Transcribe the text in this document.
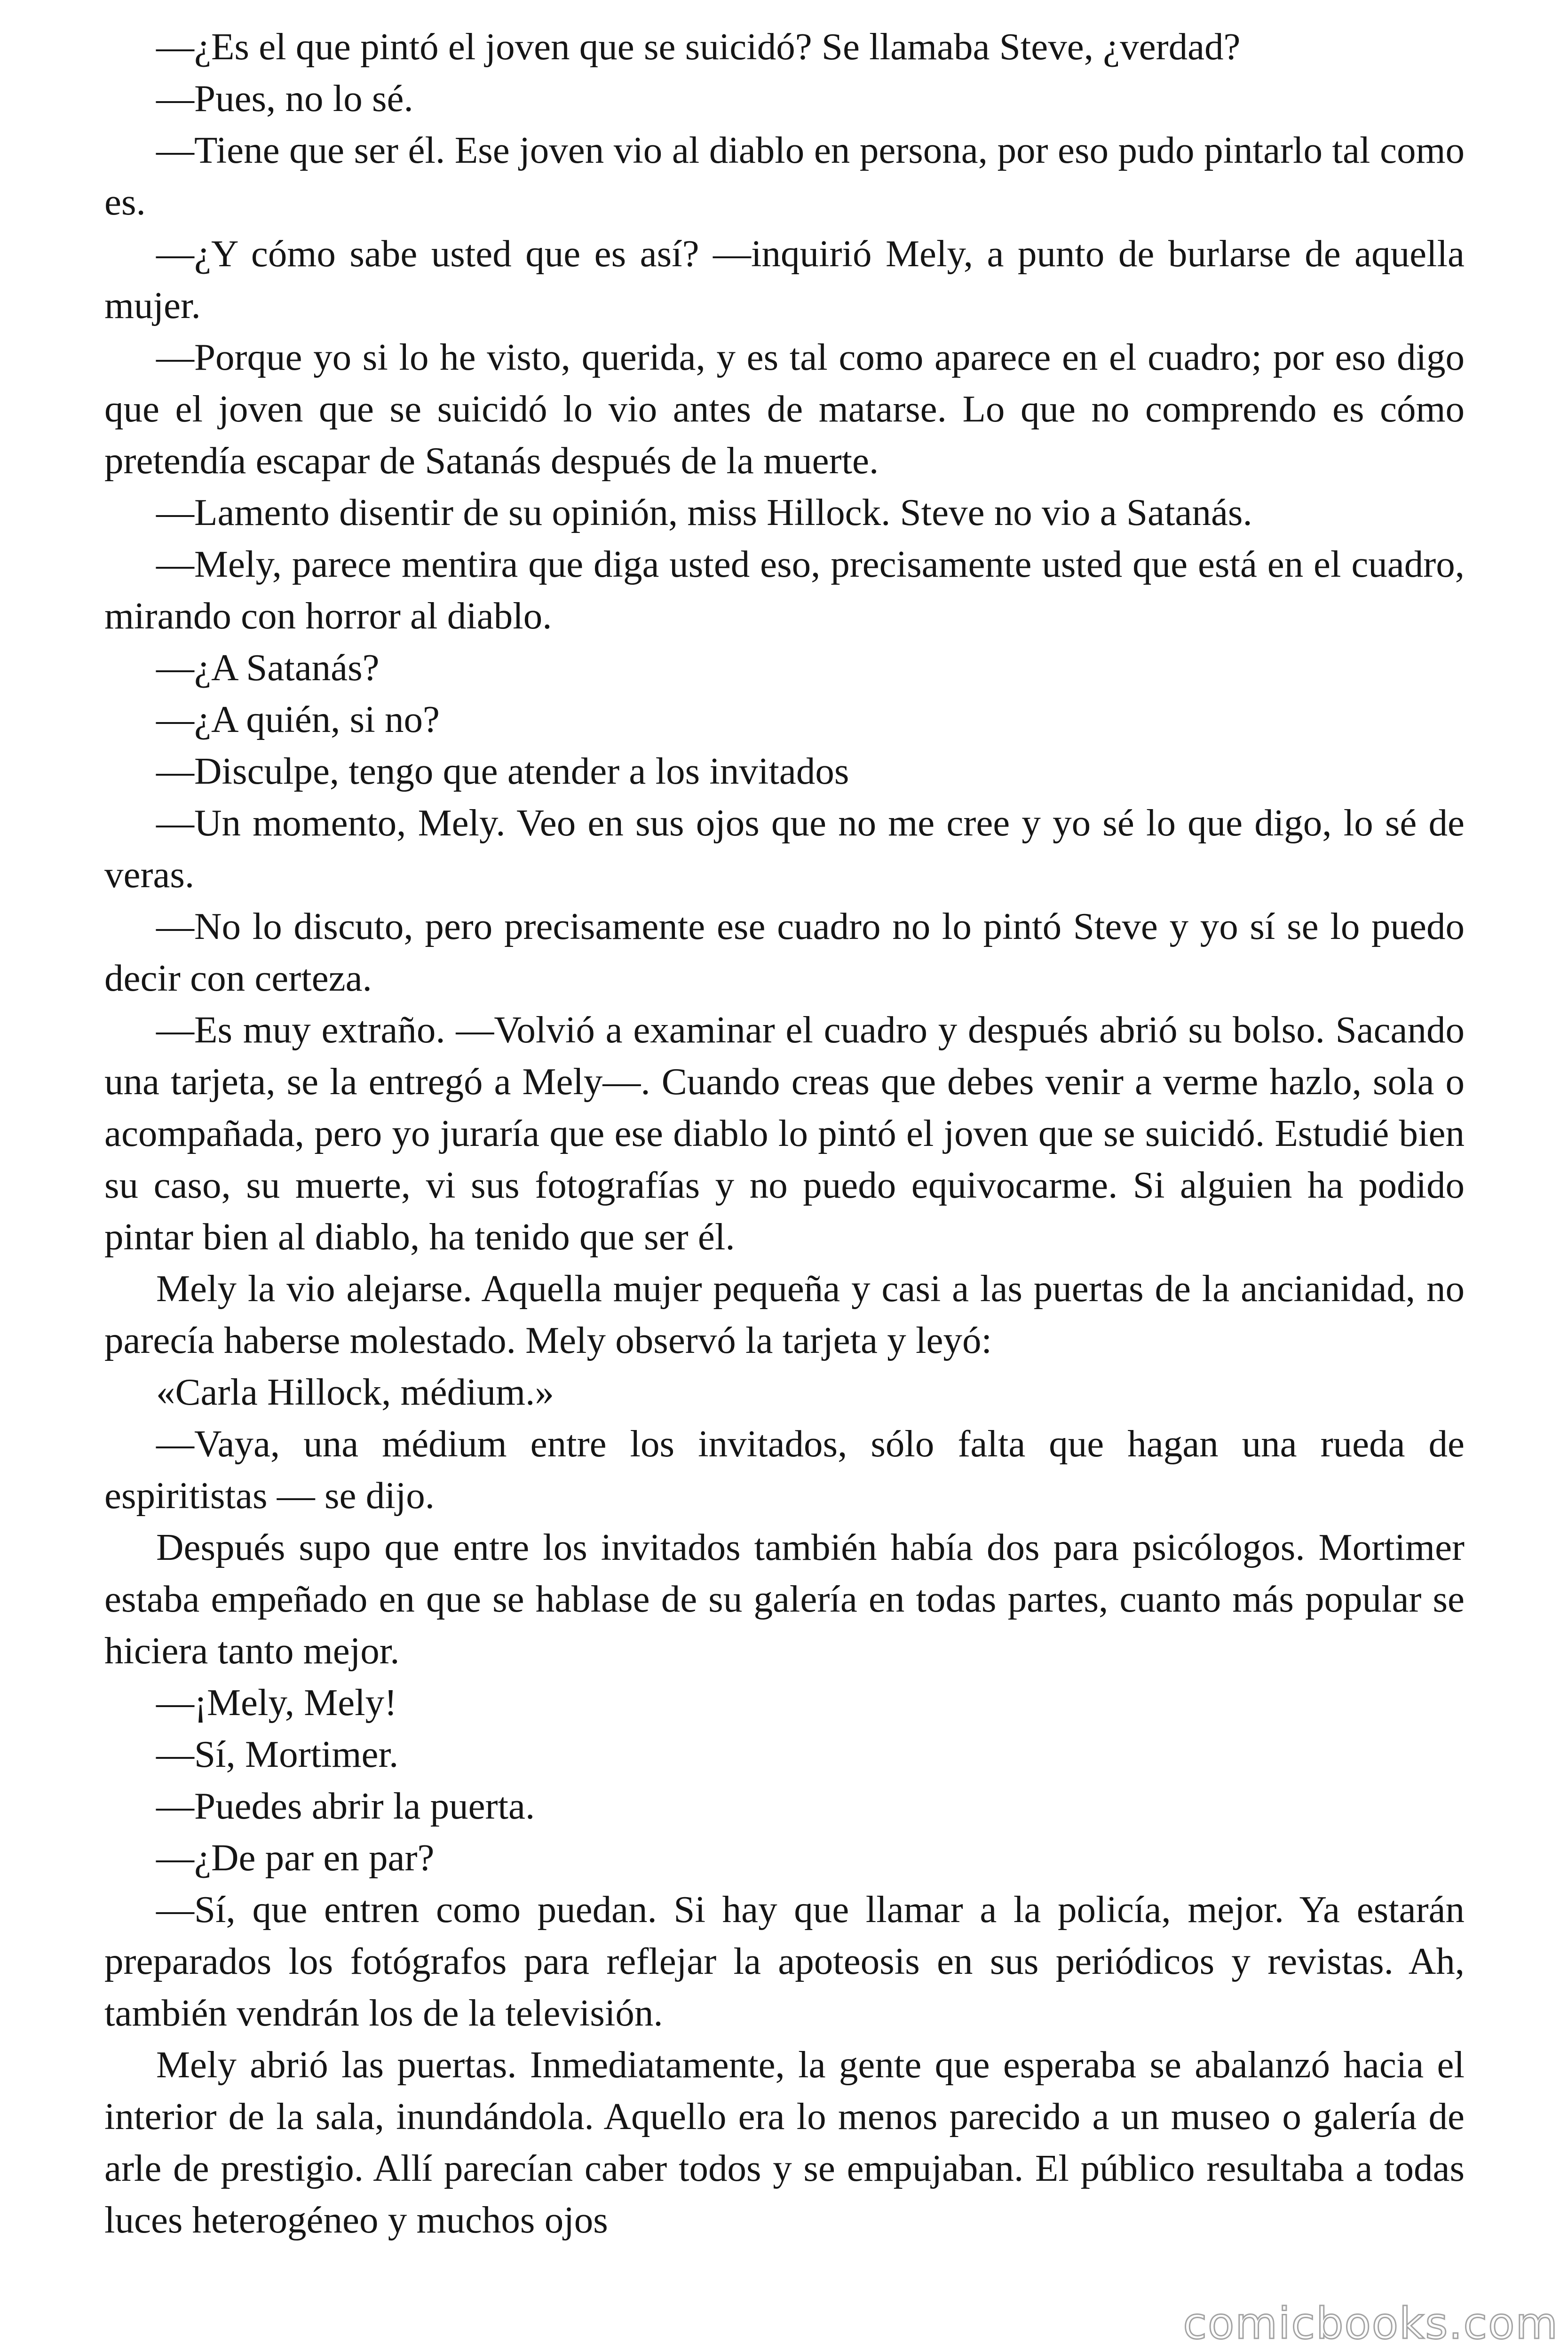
—¿Es el que pintó el joven que se suicidó? Se llamaba Steve, ¿verdad?

—Pues, no lo sé.

—Tiene que ser él. Ese joven vio al diablo en persona, por eso pudo pintarlo tal como es.

—¿Y cómo sabe usted que es así? —inquirió Mely, a punto de burlarse de aquella mujer.

—Porque yo si lo he visto, querida, y es tal como aparece en el cuadro; por eso digo que el joven que se suicidó lo vio antes de matarse. Lo que no comprendo es cómo pretendía escapar de Satanás después de la muerte.

—Lamento disentir de su opinión, miss Hillock. Steve no vio a Satanás.

—Mely, parece mentira que diga usted eso, precisamente usted que está en el cuadro, mirando con horror al diablo.

—¿A Satanás?

—¿A quién, si no?

—Disculpe, tengo que atender a los invitados

—Un momento, Mely. Veo en sus ojos que no me cree y yo sé lo que digo, lo sé de veras.

—No lo discuto, pero precisamente ese cuadro no lo pintó Steve y yo sí se lo puedo decir con certeza.

—Es muy extraño. —Volvió a examinar el cuadro y después abrió su bolso. Sacando una tarjeta, se la entregó a Mely—. Cuando creas que debes venir a verme hazlo, sola o acompañada, pero yo juraría que ese diablo lo pintó el joven que se suicidó. Estudié bien su caso, su muerte, vi sus fotografías y no puedo equivocarme. Si alguien ha podido pintar bien al diablo, ha tenido que ser él.

Mely la vio alejarse. Aquella mujer pequeña y casi a las puertas de la ancianidad, no parecía haberse molestado. Mely observó la tarjeta y leyó:

«Carla Hillock, médium.»

—Vaya, una médium entre los invitados, sólo falta que hagan una rueda de espiritistas — se dijo.

Después supo que entre los invitados también había dos para psicólogos. Mortimer estaba empeñado en que se hablase de su galería en todas partes, cuanto más popular se hiciera tanto mejor.

—¡Mely, Mely!

—Sí, Mortimer.

—Puedes abrir la puerta.

—¿De par en par?

—Sí, que entren como puedan. Si hay que llamar a la policía, mejor. Ya estarán preparados los fotógrafos para reflejar la apoteosis en sus periódicos y revistas. Ah, también vendrán los de la televisión.

Mely abrió las puertas. Inmediatamente, la gente que esperaba se abalanzó hacia el interior de la sala, inundándola. Aquello era lo menos parecido a un museo o galería de arle de prestigio. Allí parecían caber todos y se empujaban. El público resultaba a todas luces heterogéneo y muchos ojos

comicbooks.com
